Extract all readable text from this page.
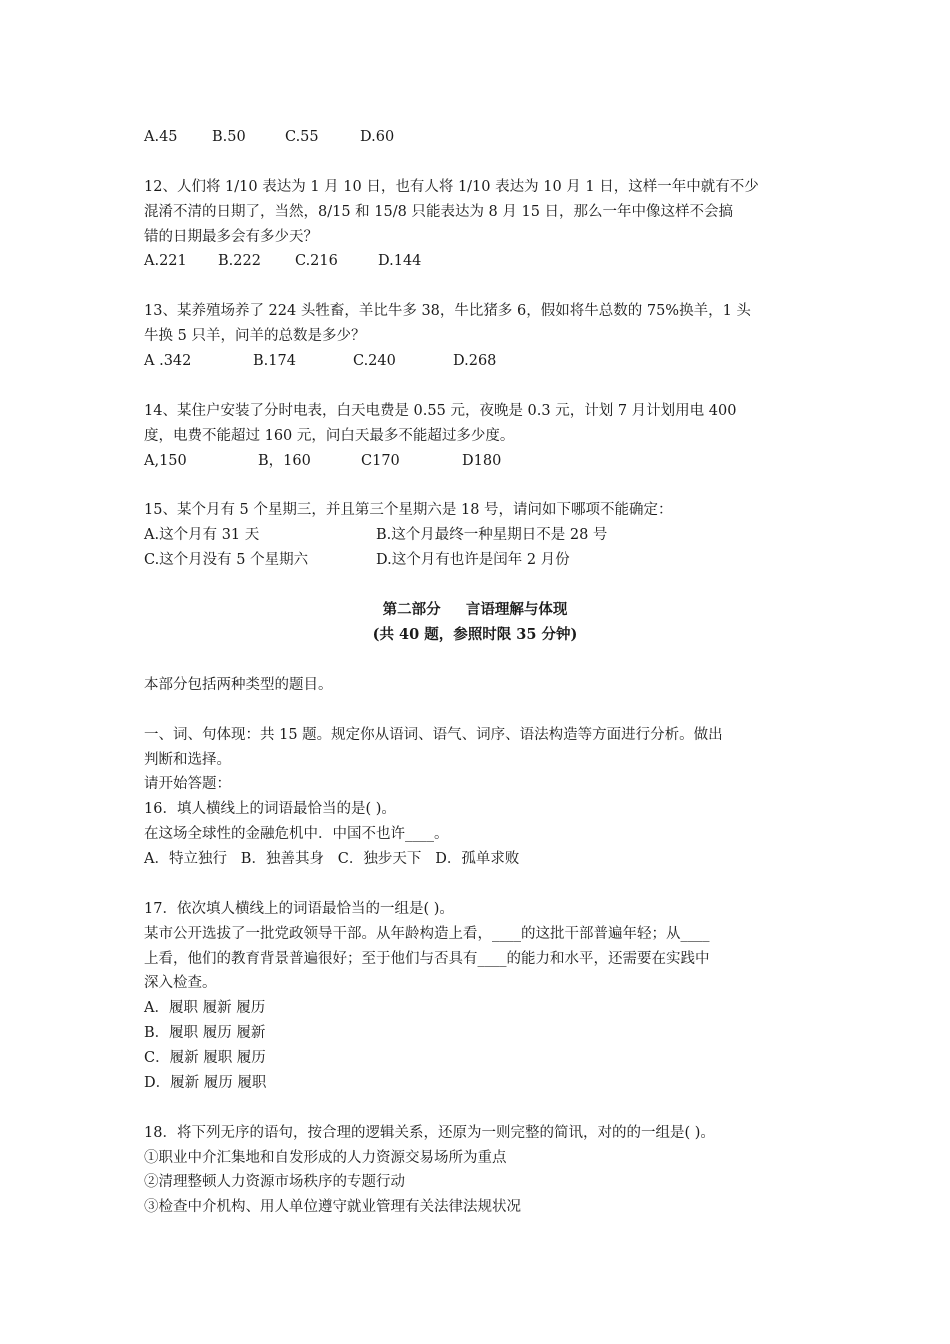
A.45 B.50	C.55	D.60
12、人们将 1/10 表达为 1 月 10 日，也有人将 1/10 表达为 10 月 1 日，这样一年中就有不少
混淆不清的日期了，当然，8/15 和 15/8 只能表达为 8 月 15 日，那么一年中像这样不会搞
错的日期最多会有多少天？
A.221 B.222 C.216	D.144
13、某养殖场养了 224 头牲畜，羊比牛多 38，牛比猪多 6，假如将牛总数的 75%换羊，1 头
牛换 5 只羊，问羊的总数是多少？
A .342	B.174	C.240	D.268
14、某住户安装了分时电表，白天电费是 0.55 元，夜晚是 0.3 元，计划 7 月计划用电 400
度，电费不能超过 160 元，问白天最多不能超过多少度。
A,150	B，160	C170	D180
15、某个月有 5 个星期三，并且第三个星期六是 18 号，请问如下哪项不能确定：
A.这个月有 31 天	B.这个月最终一种星期日不是 28 号
C.这个月没有 5 个星期六	D.这个月有也许是闰年 2 月份
第二部分     言语理解与体现
(共 40 题，参照时限 35 分钟)
本部分包括两种类型的题目。
一、词、句体现：共 15 题。规定你从语词、语气、词序、语法构造等方面进行分析。做出
判断和选择。
请开始答题：
16．填人横线上的词语最恰当的是( )。
在这场全球性的金融危机中．中国不也许____。
A．特立独行   B．独善其身   C．独步天下   D．孤单求败
17．依次填人横线上的词语最恰当的一组是( )。
某市公开选拔了一批党政领导干部。从年龄构造上看，____的这批干部普遍年轻；从____
上看，他们的教育背景普遍很好；至于他们与否具有____的能力和水平，还需要在实践中
深入检查。
A．履职 履新 履历
B．履职 履历 履新
C．履新 履职 履历
D．履新 履历 履职
18．将下列无序的语句，按合理的逻辑关系，还原为一则完整的简讯，对的的一组是( )。
①职业中介汇集地和自发形成的人力资源交易场所为重点
②清理整顿人力资源市场秩序的专题行动
③检查中介机构、用人单位遵守就业管理有关法律法规状况
